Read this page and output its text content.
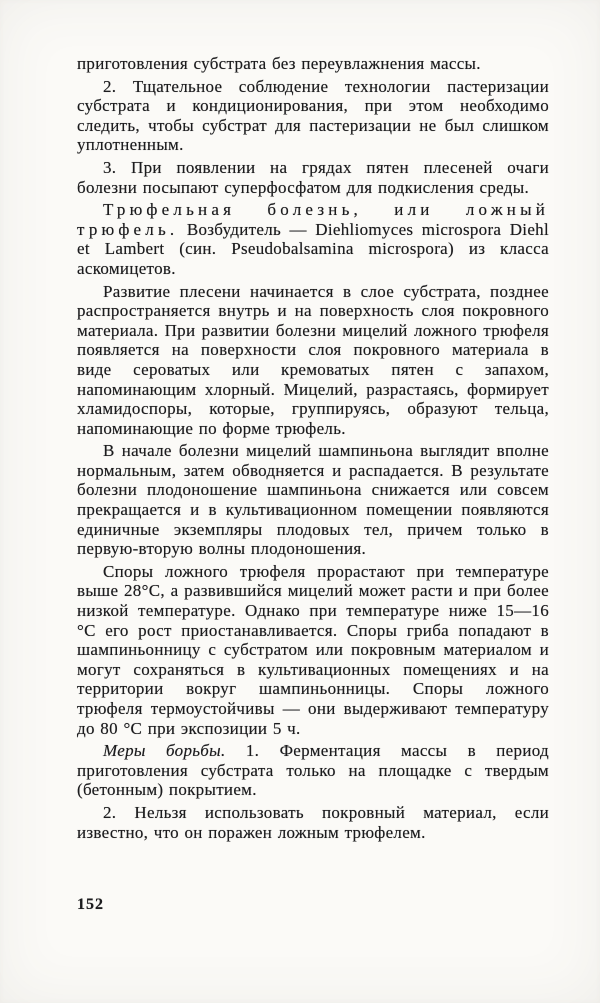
приготовления субстрата без переувлажнения массы.

2. Тщательное соблюдение технологии пастеризации субстрата и кондиционирования, при этом необходимо следить, чтобы субстрат для пастеризации не был слишком уплотненным.

3. При появлении на грядах пятен плесеней очаги болезни посыпают суперфосфатом для подкисления среды.

Трюфельная болезнь, или ложный трюфель. Возбудитель — Diehliomyces microspora Diehl et Lambert (син. Pseudobalsamina microspora) из класса аскомицетов.

Развитие плесени начинается в слое субстрата, позднее распространяется внутрь и на поверхность слоя покровного материала. При развитии болезни мицелий ложного трюфеля появляется на поверхности слоя покровного материала в виде сероватых или кремоватых пятен с запахом, напоминающим хлорный. Мицелий, разрастаясь, формирует хламидоспоры, которые, группируясь, образуют тельца, напоминающие по форме трюфель.

В начале болезни мицелий шампиньона выглядит вполне нормальным, затем обводняется и распадается. В результате болезни плодоношение шампиньона снижается или совсем прекращается и в культивационном помещении появляются единичные экземпляры плодовых тел, причем только в первую-вторую волны плодоношения.

Споры ложного трюфеля прорастают при температуре выше 28°С, а развившийся мицелий может расти и при более низкой температуре. Однако при температуре ниже 15—16 °С его рост приостанавливается. Споры гриба попадают в шампиньонницу с субстратом или покровным материалом и могут сохраняться в культивационных помещениях и на территории вокруг шампиньонницы. Споры ложного трюфеля термоустойчивы — они выдерживают температуру до 80 °С при экспозиции 5 ч.

Меры борьбы. 1. Ферментация массы в период приготовления субстрата только на площадке с твердым (бетонным) покрытием.

2. Нельзя использовать покровный материал, если известно, что он поражен ложным трюфелем.

152
